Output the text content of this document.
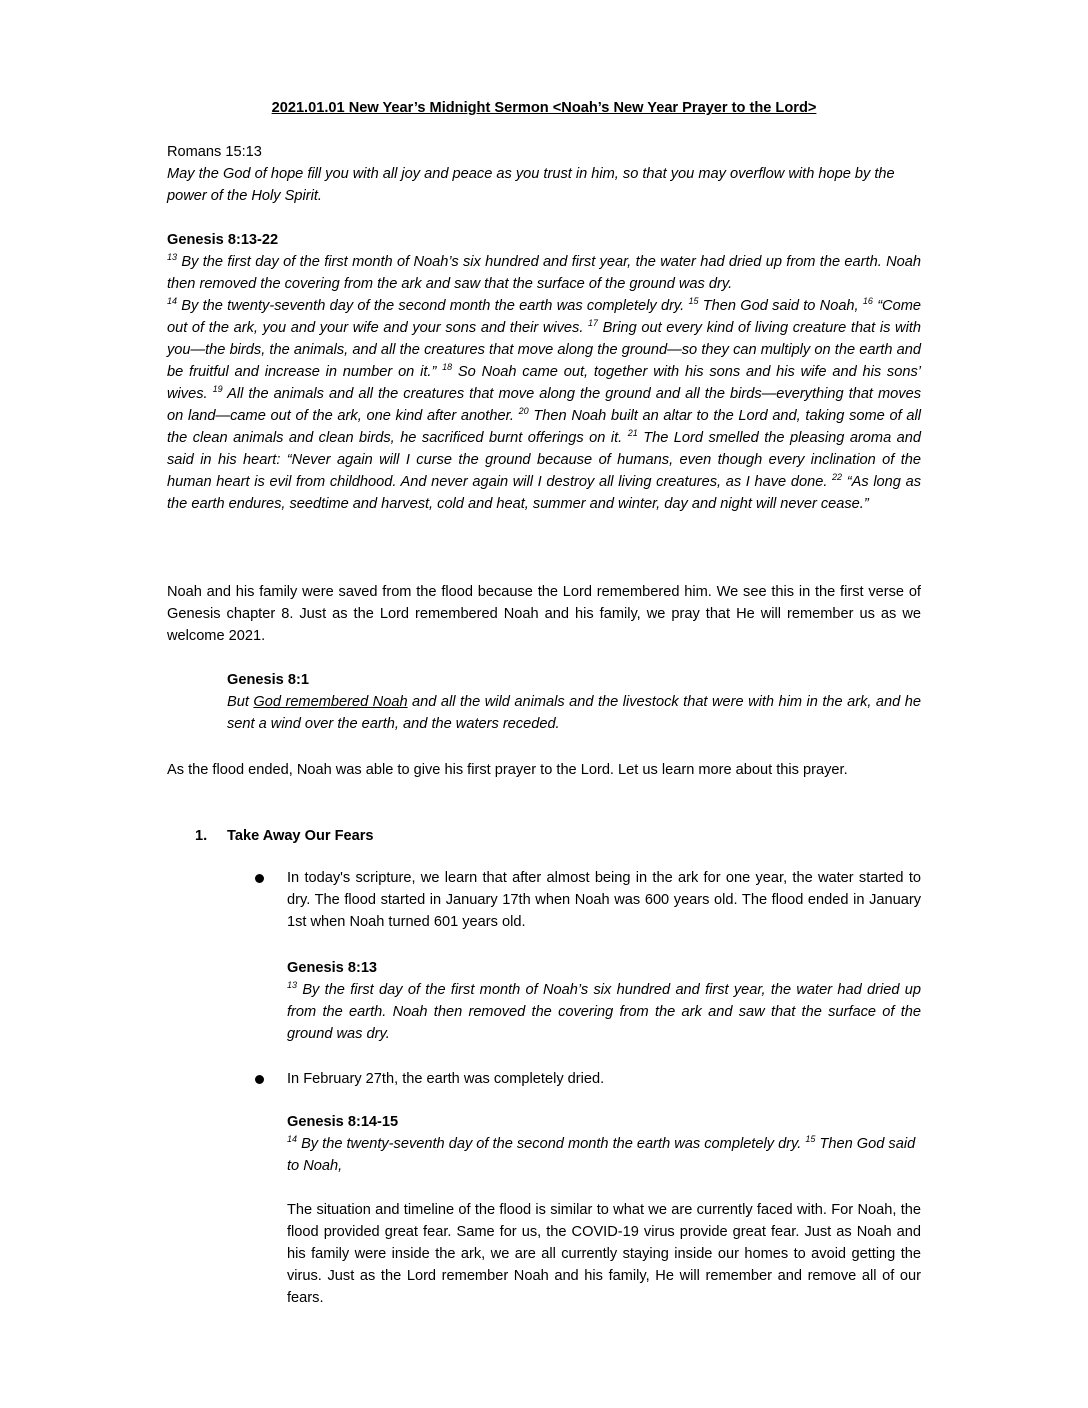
2021.01.01 New Year’s Midnight Sermon <Noah’s New Year Prayer to the Lord>
Romans 15:13
May the God of hope fill you with all joy and peace as you trust in him, so that you may overflow with hope by the power of the Holy Spirit.
Genesis 8:13-22

$^{13}$ By the first day of the first month of Noah’s six hundred and first year, the water had dried up from the earth. Noah then removed the covering from the ark and saw that the surface of the ground was dry.

$^{14}$ By the twenty-seventh day of the second month the earth was completely dry. $^{15}$ Then God said to Noah, $^{16}$ “Come out of the ark, you and your wife and your sons and their wives. $^{17}$ Bring out every kind of living creature that is with you—the birds, the animals, and all the creatures that move along the ground—so they can multiply on the earth and be fruitful and increase in number on it.” $^{18}$ So Noah came out, together with his sons and his wife and his sons’ wives. $^{19}$ All the animals and all the creatures that move along the ground and all the birds—everything that moves on land—came out of the ark, one kind after another. $^{20}$ Then Noah built an altar to the Lord and, taking some of all the clean animals and clean birds, he sacrificed burnt offerings on it. $^{21}$ The Lord smelled the pleasing aroma and said in his heart: “Never again will I curse the ground because of humans, even though every inclination of the human heart is evil from childhood. And never again will I destroy all living creatures, as I have done. $^{22}$ “As long as the earth endures, seedtime and harvest, cold and heat, summer and winter, day and night will never cease.”

Noah and his family were saved from the flood because the Lord remembered him. We see this in the first verse of Genesis chapter 8. Just as the Lord remembered Noah and his family, we pray that He will remember us as we welcome 2021.
Genesis 8:1
But God remembered Noah and all the wild animals and the livestock that were with him in the ark, and he sent a wind over the earth, and the waters receded.
As the flood ended, Noah was able to give his first prayer to the Lord. Let us learn more about this prayer.
1. Take Away Our Fears
In today's scripture, we learn that after almost being in the ark for one year, the water started to dry. The flood started in January 17th when Noah was 600 years old. The flood ended in January 1st when Noah turned 601 years old.
Genesis 8:13
$^{13}$ By the first day of the first month of Noah’s six hundred and first year, the water had dried up from the earth. Noah then removed the covering from the ark and saw that the surface of the ground was dry.
In February 27th, the earth was completely dried.
Genesis 8:14-15
$^{14}$ By the twenty-seventh day of the second month the earth was completely dry. $^{15}$ Then God said to Noah,
The situation and timeline of the flood is similar to what we are currently faced with. For Noah, the flood provided great fear. Same for us, the COVID-19 virus provide great fear. Just as Noah and his family were inside the ark, we are all currently staying inside our homes to avoid getting the virus. Just as the Lord remember Noah and his family, He will remember and remove all of our fears.
